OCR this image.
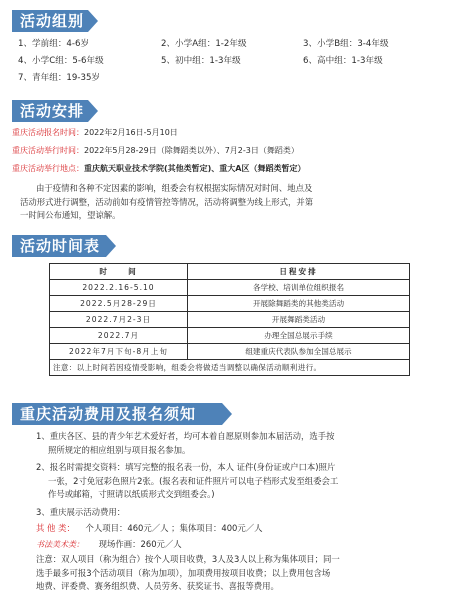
活动组别
1、学前组：4-6岁	2、小学A组：1-2年级	3、小学B组：3-4年级
4、小学C组：5-6年级	5、初中组：1-3年级	6、高中组：1-3年级
7、青年组：19-35岁
活动安排
重庆活动报名时间：2022年2月16日-5月10日
重庆活动举行时间：2022年5月28-29日（除舞蹈类以外）、7月2-3日（舞蹈类）
重庆活动举行地点：重庆航天职业技术学院(其他类暂定)、重大A区（舞蹈类暂定）
由于疫情和各种不定因素的影响，组委会有权根据实际情况对时间、地点及
活动形式进行调整，活动前如有疫情管控等情况，活动将调整为线上形式，并第
一时间公布通知，望谅解。
活动时间表
时　　间	日程安排
2022.2.16-5.10	各学校、培训单位组织报名
2022.5月28-29日	开展除舞蹈类的其他类活动
2022.7月2-3日	开展舞蹈类活动
2022.7月	办理全国总展示手续
2022年7月下旬-8月上旬	组建重庆代表队参加全国总展示
注意：以上时间若因疫情受影响，组委会将做适当调整以确保活动顺利进行。	
重庆活动费用及报名须知
1、重庆各区、县的青少年艺术爱好者，均可本着自愿原则参加本届活动，选手按
照所规定的相应组别与项目报名参加。
2、报名时需提交资料：填写完整的报名表一份，本人 证件(身份证或户口本)照片
一张，2寸免冠彩色照片2张。(报名表和证件照片可以电子档形式发至组委会工
作号或邮箱，寸照请以纸质形式交到组委会。)
3、重庆展示活动费用：
其 他 类： 个人项目：460元／人 ；集体项目：400元／人
书法美术类： 现场作画：260元／人
注意：双人项目（称为组合）按个人项目收费，3人及3人以上称为集体项目；同一
选手最多可报3个活动项目（称为加项），加项费用按项目收费；以上费用包含场
地费、评委费、赛务组织费、人员劳务、获奖证书、喜报等费用。
